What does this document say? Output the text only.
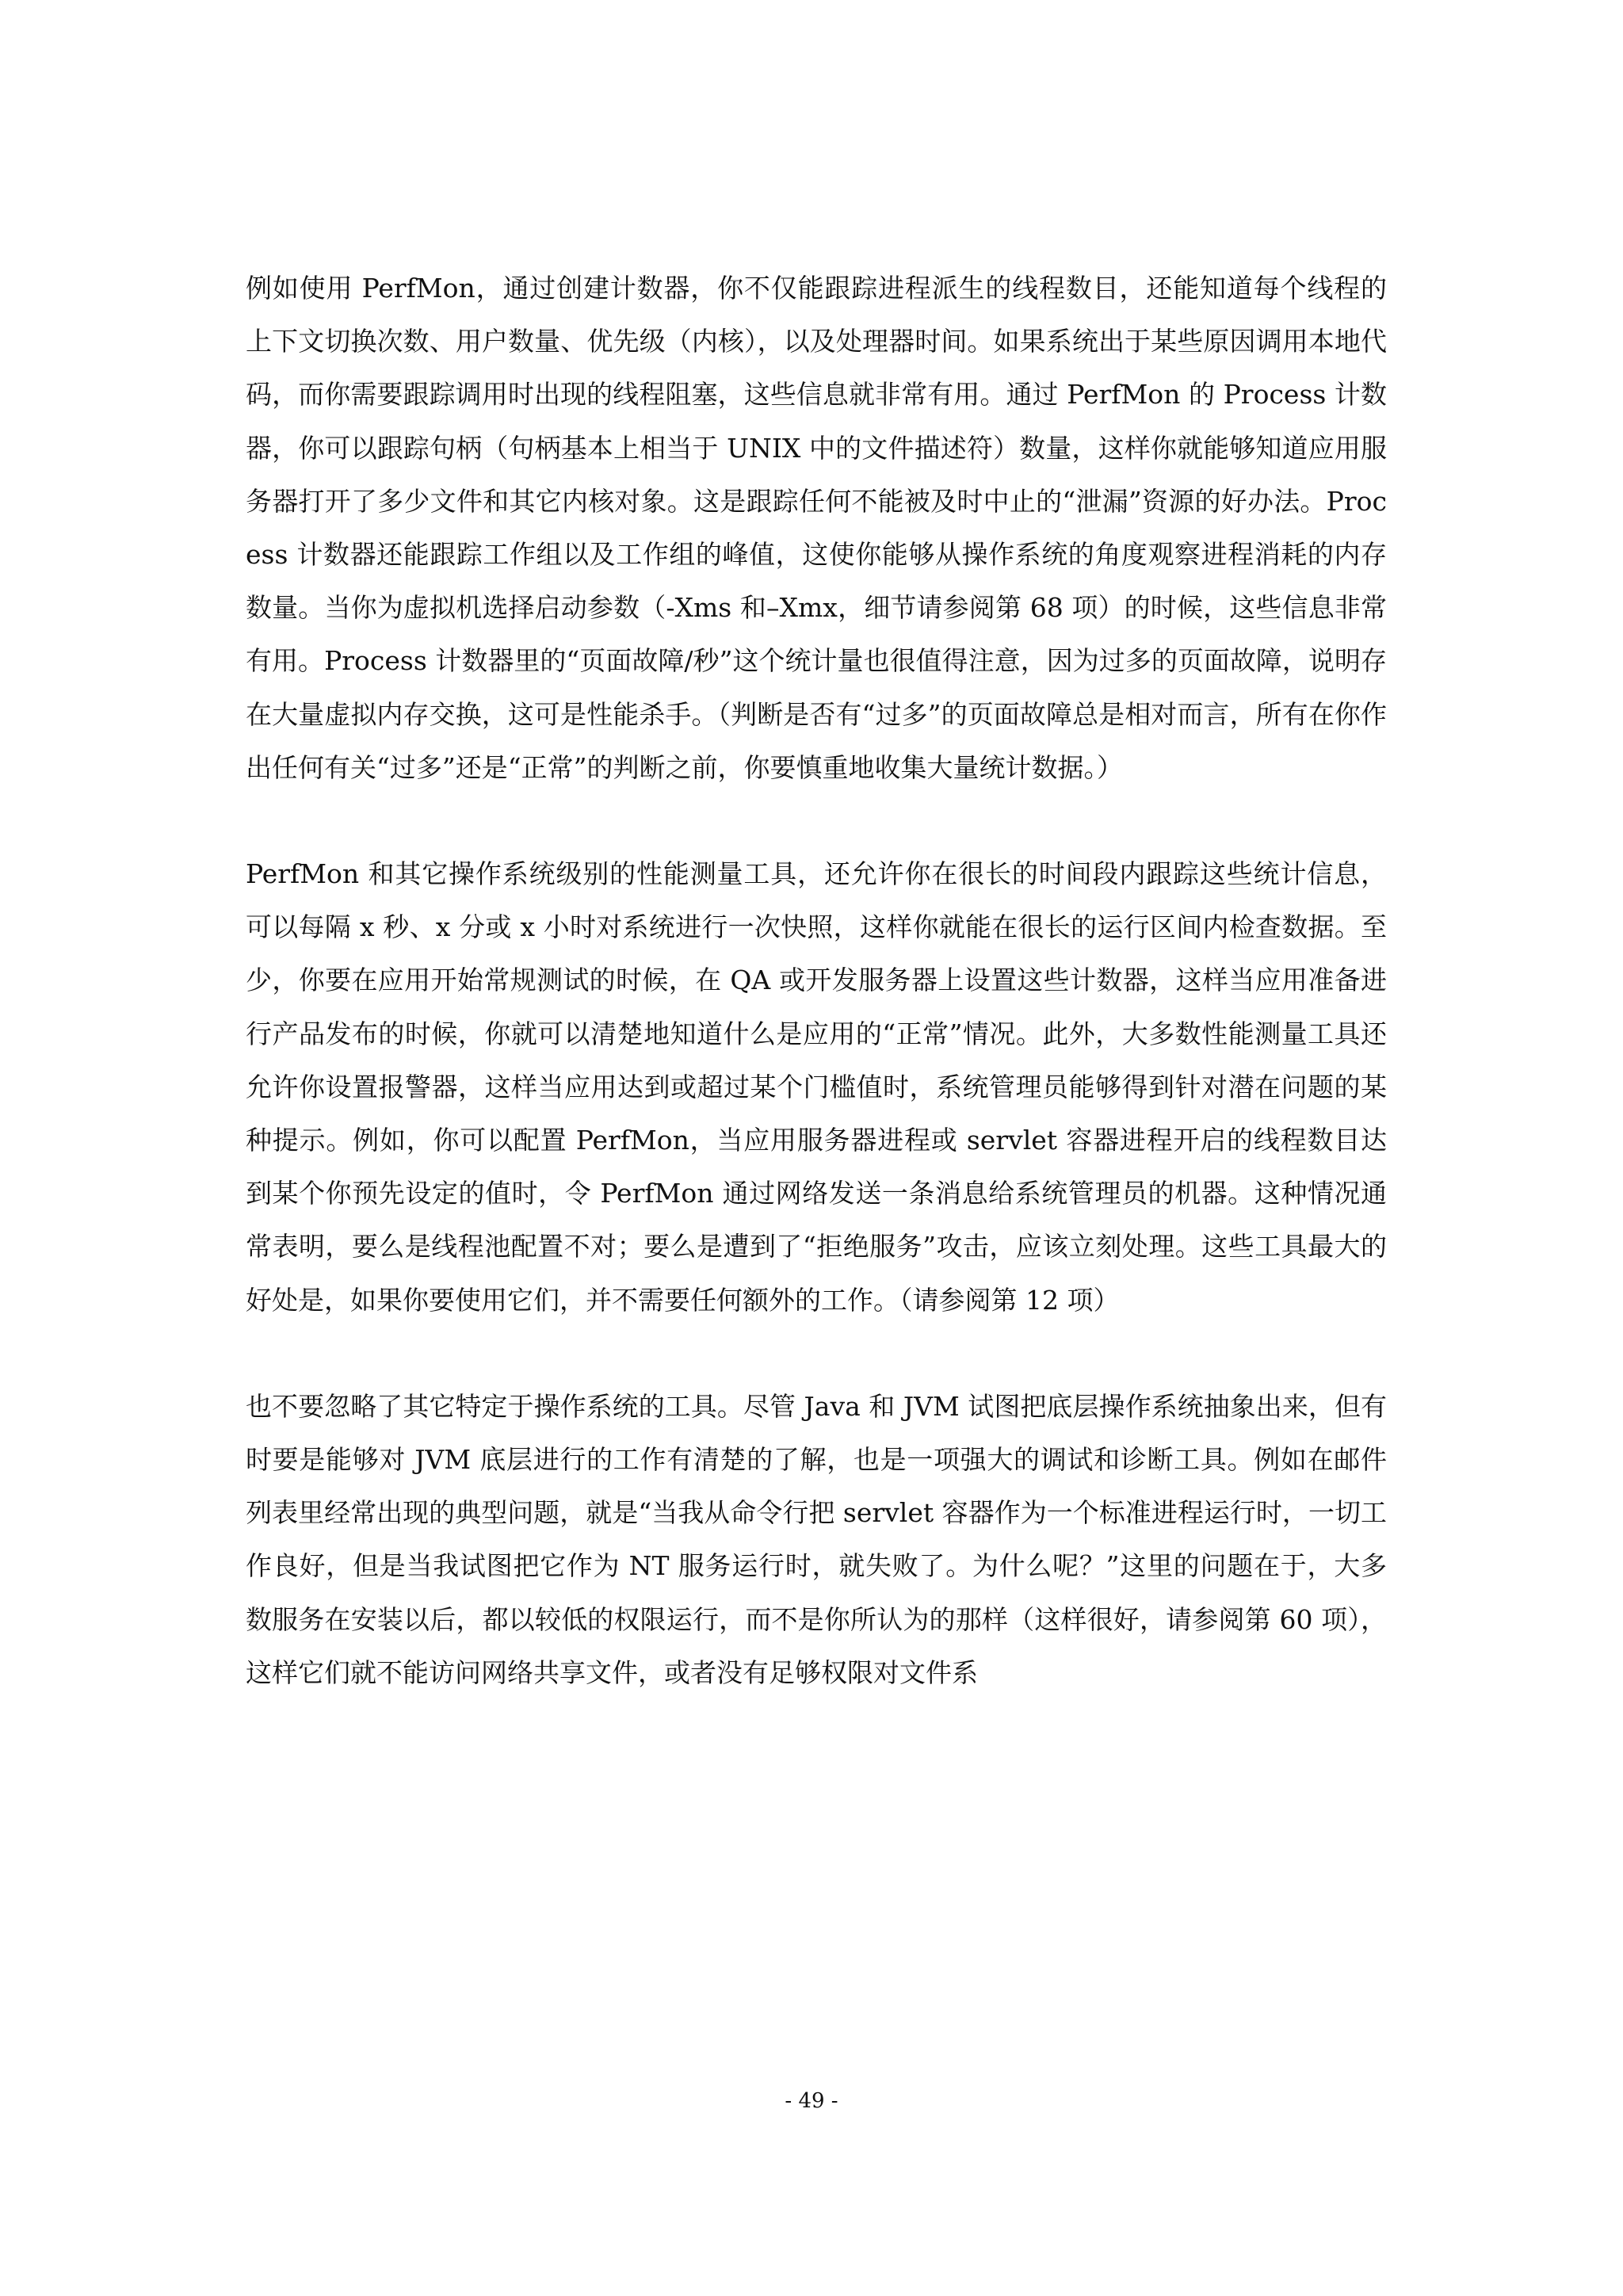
例如使用 PerfMon，通过创建计数器，你不仅能跟踪进程派生的线程数目，还能知道每个线程的上下文切换次数、用户数量、优先级（内核），以及处理器时间。如果系统出于某些原因调用本地代码，而你需要跟踪调用时出现的线程阻塞，这些信息就非常有用。通过 PerfMon 的 Process 计数器，你可以跟踪句柄（句柄基本上相当于 UNIX 中的文件描述符）数量，这样你就能够知道应用服务器打开了多少文件和其它内核对象。这是跟踪任何不能被及时中止的“泄漏”资源的好办法。Process 计数器还能跟踪工作组以及工作组的峰值，这使你能够从操作系统的角度观察进程消耗的内存数量。当你为虚拟机选择启动参数（-Xms 和–Xmx，细节请参阅第 68 项）的时候，这些信息非常有用。Process 计数器里的“页面故障/秒”这个统计量也很值得注意，因为过多的页面故障，说明存在大量虚拟内存交换，这可是性能杀手。（判断是否有“过多”的页面故障总是相对而言，所有在你作出任何有关“过多”还是“正常”的判断之前，你要慎重地收集大量统计数据。）

PerfMon 和其它操作系统级别的性能测量工具，还允许你在很长的时间段内跟踪这些统计信息，可以每隔 x 秒、x 分或 x 小时对系统进行一次快照，这样你就能在很长的运行区间内检查数据。至少，你要在应用开始常规测试的时候，在 QA 或开发服务器上设置这些计数器，这样当应用准备进行产品发布的时候，你就可以清楚地知道什么是应用的“正常”情况。此外，大多数性能测量工具还允许你设置报警器，这样当应用达到或超过某个门槛值时，系统管理员能够得到针对潜在问题的某种提示。例如，你可以配置 PerfMon，当应用服务器进程或 servlet 容器进程开启的线程数目达到某个你预先设定的值时，令 PerfMon 通过网络发送一条消息给系统管理员的机器。这种情况通常表明，要么是线程池配置不对；要么是遭到了“拒绝服务”攻击，应该立刻处理。这些工具最大的好处是，如果你要使用它们，并不需要任何额外的工作。（请参阅第 12 项）

也不要忽略了其它特定于操作系统的工具。尽管 Java 和 JVM 试图把底层操作系统抽象出来，但有时要是能够对 JVM 底层进行的工作有清楚的了解，也是一项强大的调试和诊断工具。例如在邮件列表里经常出现的典型问题，就是“当我从命令行把 servlet 容器作为一个标准进程运行时，一切工作良好，但是当我试图把它作为 NT 服务运行时，就失败了。为什么呢？”这里的问题在于，大多数服务在安装以后，都以较低的权限运行，而不是你所认为的那样（这样很好，请参阅第 60 项），这样它们就不能访问网络共享文件，或者没有足够权限对文件系

- 49 -
